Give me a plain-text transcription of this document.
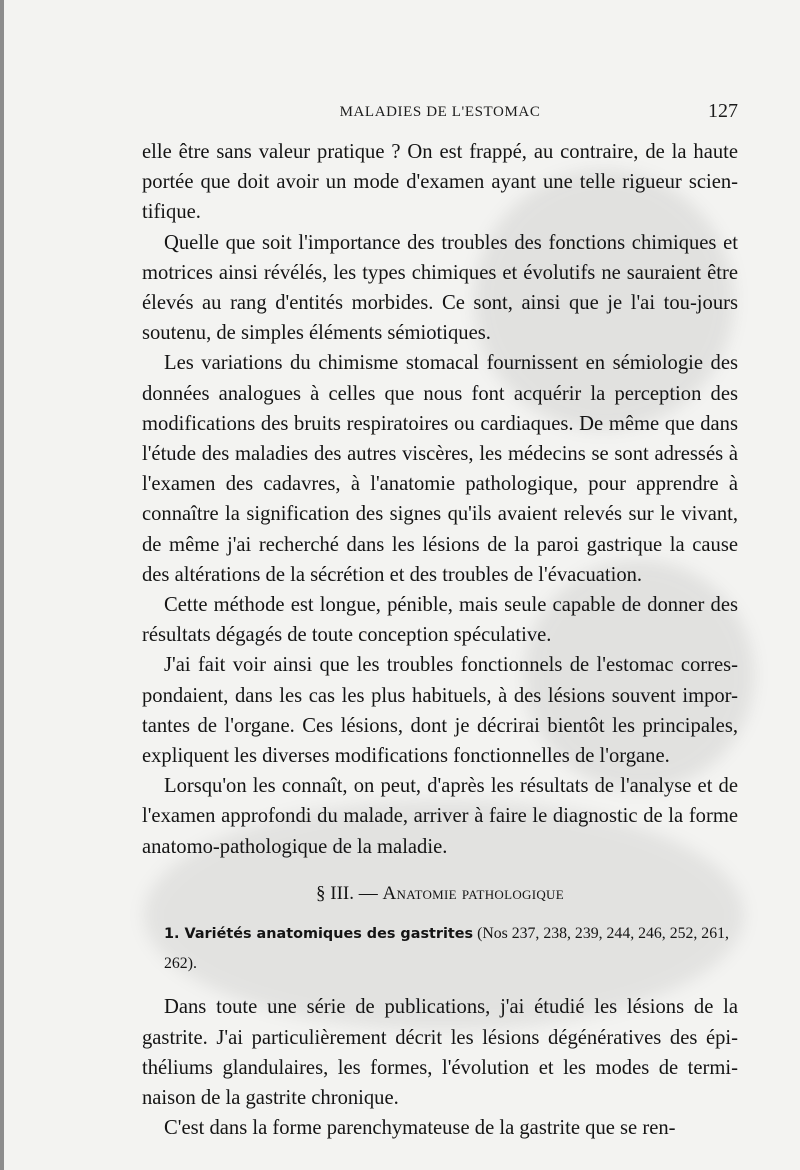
MALADIES DE L'ESTOMAC	127

elle être sans valeur pratique ? On est frappé, au contraire, de la haute portée que doit avoir un mode d'examen ayant une telle rigueur scien-tifique.

Quelle que soit l'importance des troubles des fonctions chimiques et motrices ainsi révélés, les types chimiques et évolutifs ne sauraient être élevés au rang d'entités morbides. Ce sont, ainsi que je l'ai tou-jours soutenu, de simples éléments sémiotiques.

Les variations du chimisme stomacal fournissent en sémiologie des données analogues à celles que nous font acquérir la perception des modifications des bruits respiratoires ou cardiaques. De même que dans l'étude des maladies des autres viscères, les médecins se sont adressés à l'examen des cadavres, à l'anatomie pathologique, pour apprendre à connaître la signification des signes qu'ils avaient relevés sur le vivant, de même j'ai recherché dans les lésions de la paroi gastrique la cause des altérations de la sécrétion et des troubles de l'évacuation.

Cette méthode est longue, pénible, mais seule capable de donner des résultats dégagés de toute conception spéculative.

J'ai fait voir ainsi que les troubles fonctionnels de l'estomac corres-pondaient, dans les cas les plus habituels, à des lésions souvent impor-tantes de l'organe. Ces lésions, dont je décrirai bientôt les principales, expliquent les diverses modifications fonctionnelles de l'organe.

Lorsqu'on les connaît, on peut, d'après les résultats de l'analyse et de l'examen approfondi du malade, arriver à faire le diagnostic de la forme anatomo-pathologique de la maladie.

§ III. — Anatomie pathologique

1. Variétés anatomiques des gastrites (Nos 237, 238, 239, 244, 246, 252, 261, 262).

Dans toute une série de publications, j'ai étudié les lésions de la gastrite. J'ai particulièrement décrit les lésions dégénératives des épi-théliums glandulaires, les formes, l'évolution et les modes de termi-naison de la gastrite chronique.

C'est dans la forme parenchymateuse de la gastrite que se ren-
